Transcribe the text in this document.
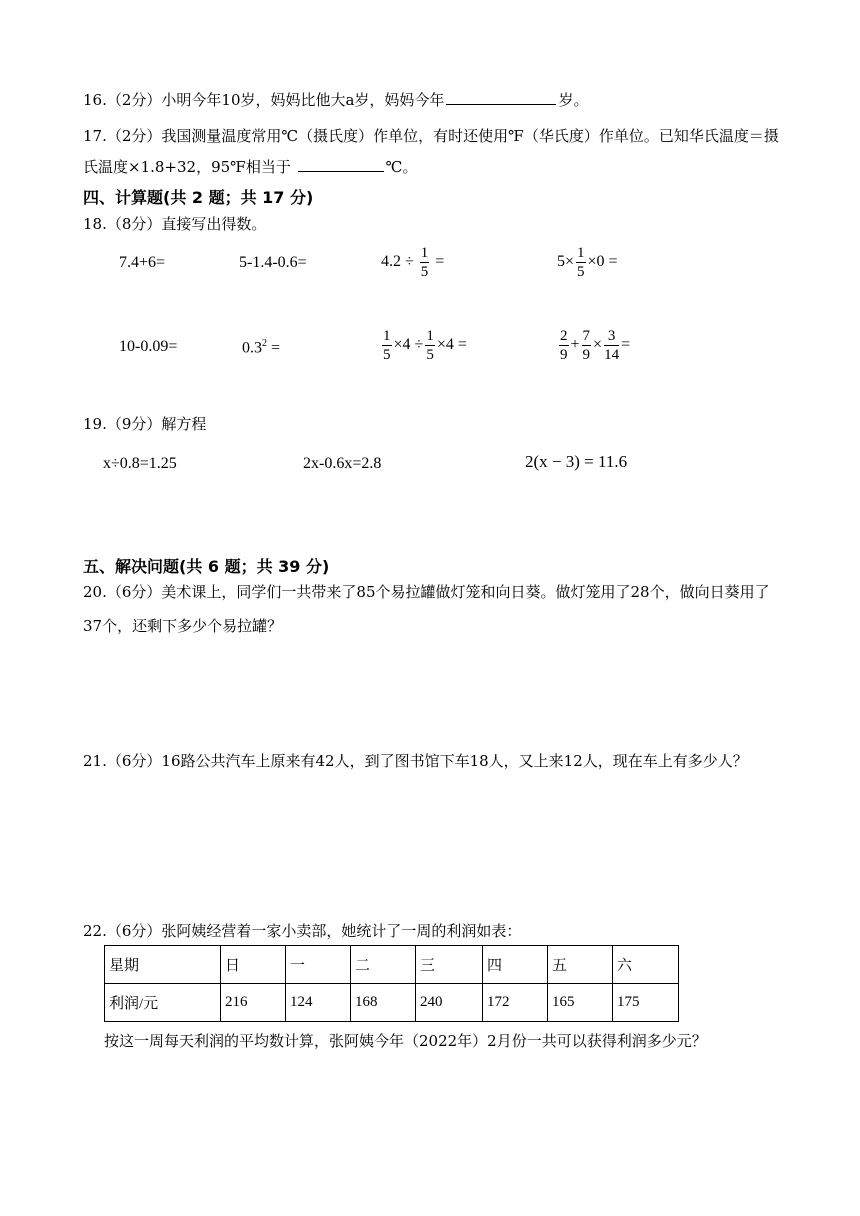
16.（2分）小明今年10岁，妈妈比他大a岁，妈妈今年	岁。
17.（2分）我国测量温度常用℃（摄氏度）作单位，有时还使用℉（华氏度）作单位。已知华氏温度＝摄
氏温度×1.8+32，95℉相当于	℃。
四、计算题(共 2 题；共 17 分)
18.（8分）直接写出得数。
7.4+6=	5-1.4-0.6=	$4.2 \div \frac{1}{5}$ =	$5\times \frac{1}{5} \times 0$ =
10-0.09=	$0.3^2$ =	$\frac{1}{5} \times 4 \div \frac{1}{5} \times 4$ =	$\frac{2}{9} + \frac{7}{9} \times \frac{3}{14}$ =
19.（9分）解方程
x÷0.8=1.25	2x-0.6x=2.8	2(x − 3) = 11.6
五、解决问题(共 6 题；共 39 分)
20.（6分）美术课上，同学们一共带来了85个易拉罐做灯笼和向日葵。做灯笼用了28个，做向日葵用了
37个，还剩下多少个易拉罐？
21.（6分）16路公共汽车上原来有42人，到了图书馆下车18人，又上来12人，现在车上有多少人？
22.（6分）张阿姨经营着一家小卖部，她统计了一周的利润如表：
星期	日	一	二	三	四	五	六
利润/元	216	124	168	240	172	165	175
按这一周每天利润的平均数计算，张阿姨今年（2022年）2月份一共可以获得利润多少元？
